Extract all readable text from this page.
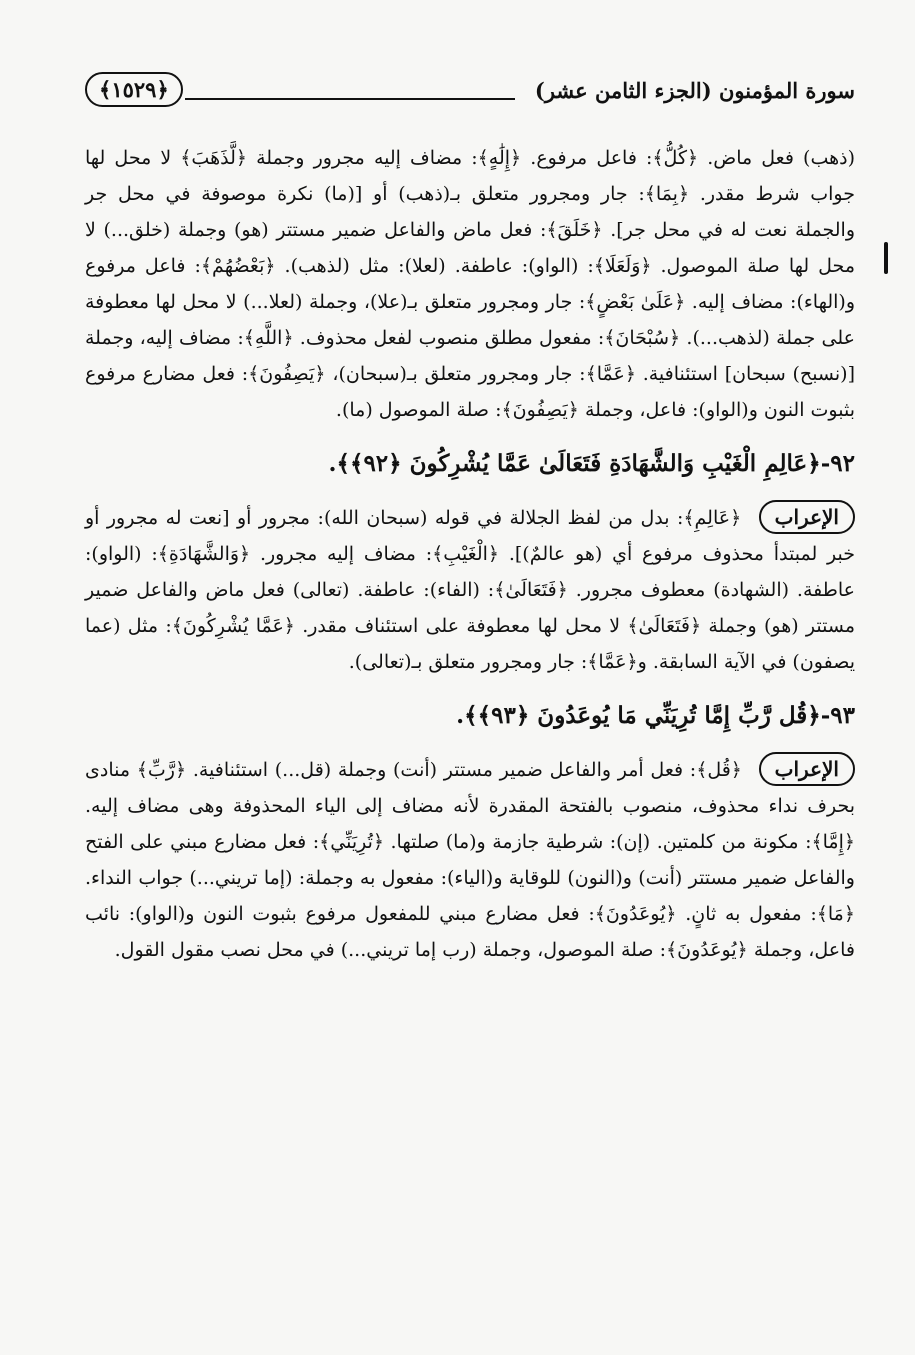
سورة المؤمنون (الجزء الثامن عشر)
﴿١٥٢٩﴾

(ذهب) فعل ماض. ﴿كُلُّ﴾: فاعل مرفوع. ﴿إِلَٰهٍ﴾: مضاف إليه مجرور وجملة ﴿لَّذَهَبَ﴾ لا محل لها جواب شرط مقدر. ﴿بِمَا﴾: جار ومجرور متعلق بـ(ذهب) أو [(ما) نكرة موصوفة في محل جر والجملة نعت له في محل جر]. ﴿خَلَقَ﴾: فعل ماض والفاعل ضمير مستتر (هو) وجملة (خلق...) لا محل لها صلة الموصول. ﴿وَلَعَلَا﴾: (الواو): عاطفة. (لعلا): مثل (لذهب). ﴿بَعْضُهُمْ﴾: فاعل مرفوع و(الهاء): مضاف إليه. ﴿عَلَىٰ بَعْضٍ﴾: جار ومجرور متعلق بـ(علا)، وجملة (لعلا...) لا محل لها معطوفة على جملة (لذهب...). ﴿سُبْحَانَ﴾: مفعول مطلق منصوب لفعل محذوف. ﴿اللَّهِ﴾: مضاف إليه، وجملة [(نسبح) سبحان] استئنافية. ﴿عَمَّا﴾: جار ومجرور متعلق بـ(سبحان)، ﴿يَصِفُونَ﴾: فعل مضارع مرفوع بثبوت النون و(الواو): فاعل، وجملة ﴿يَصِفُونَ﴾: صلة الموصول (ما).

٩٢-﴿عَالِمِ الْغَيْبِ وَالشَّهَادَةِ فَتَعَالَىٰ عَمَّا يُشْرِكُونَ ﴿٩٢﴾﴾.

الإعراب ﴿عَالِمِ﴾: بدل من لفظ الجلالة في قوله (سبحان الله): مجرور أو [نعت له مجرور أو خبر لمبتدأ محذوف مرفوع أي (هو عالمٌ)]. ﴿الْغَيْبِ﴾: مضاف إليه مجرور. ﴿وَالشَّهَادَةِ﴾: (الواو): عاطفة. (الشهادة) معطوف مجرور. ﴿فَتَعَالَىٰ﴾: (الفاء): عاطفة. (تعالى) فعل ماض والفاعل ضمير مستتر (هو) وجملة ﴿فَتَعَالَىٰ﴾ لا محل لها معطوفة على استئناف مقدر. ﴿عَمَّا يُشْرِكُونَ﴾: مثل (عما يصفون) في الآية السابقة. و﴿عَمَّا﴾: جار ومجرور متعلق بـ(تعالى).

٩٣-﴿قُل رَّبِّ إِمَّا تُرِيَنِّي مَا يُوعَدُونَ ﴿٩٣﴾﴾.

الإعراب ﴿قُل﴾: فعل أمر والفاعل ضمير مستتر (أنت) وجملة (قل...) استئنافية. ﴿رَّبِّ﴾ منادى بحرف نداء محذوف، منصوب بالفتحة المقدرة لأنه مضاف إلى الياء المحذوفة وهى مضاف إليه. ﴿إِمَّا﴾: مكونة من كلمتين. (إن): شرطية جازمة و(ما) صلتها. ﴿تُرِيَنِّي﴾: فعل مضارع مبني على الفتح والفاعل ضمير مستتر (أنت) و(النون) للوقاية و(الياء): مفعول به وجملة: (إما تريني...) جواب النداء. ﴿مَا﴾: مفعول به ثانٍ. ﴿يُوعَدُونَ﴾: فعل مضارع مبني للمفعول مرفوع بثبوت النون و(الواو): نائب فاعل، وجملة ﴿يُوعَدُونَ﴾: صلة الموصول، وجملة (رب إما تريني...) في محل نصب مقول القول.
